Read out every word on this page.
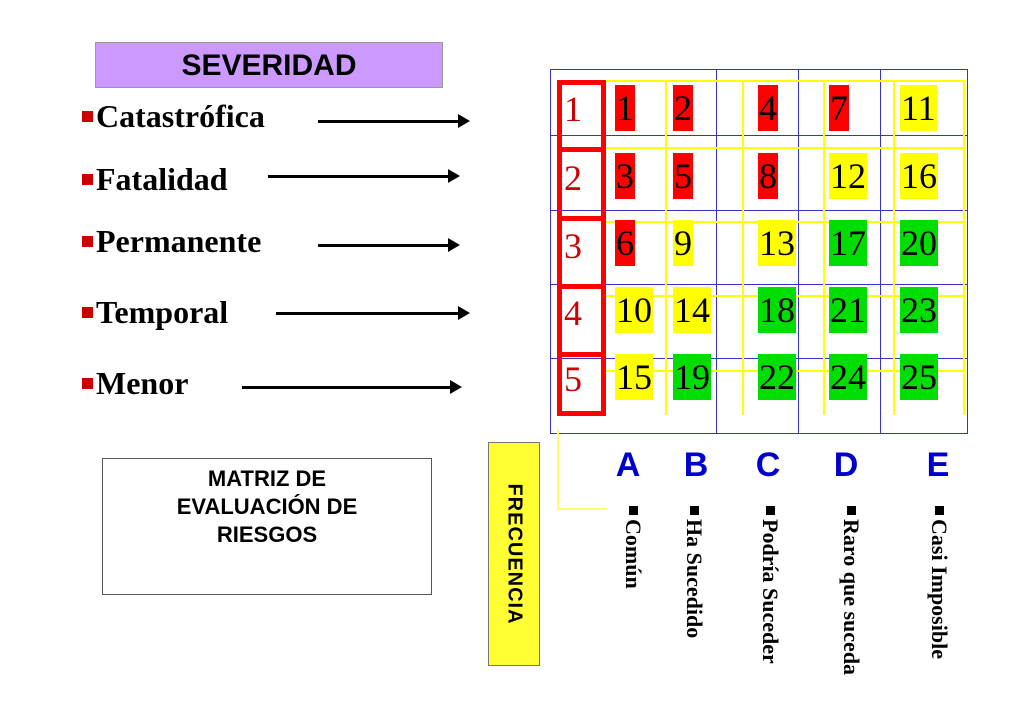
SEVERIDAD
Catastrófica
Fatalidad
Permanente
Temporal
Menor
MATRIZ DE
EVALUACIÓN DE
RIESGOS	FRECUENCIA
1
2
3
4
5
1 2 4 7 11
3 5 8 12 16
6 9 13 17 20
10 14 18 21 23
15 19 22 24 25
A B C D E
Común Ha Sucedido Podría Suceder	Raro que suceda	Casi Imposible
